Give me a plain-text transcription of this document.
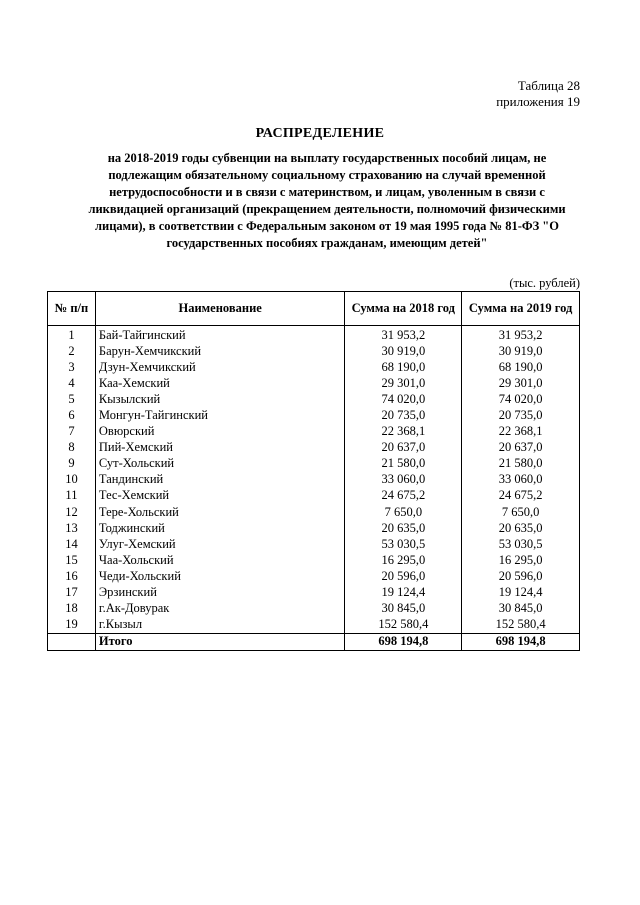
Таблица 28
приложения 19
РАСПРЕДЕЛЕНИЕ
на 2018-2019 годы субвенции на выплату государственных пособий лицам, не подлежащим обязательному социальному страхованию на случай временной нетрудоспособности и в связи с материнством, и лицам, уволенным в связи с ликвидацией организаций (прекращением деятельности, полномочий физическими лицами), в соответствии с Федеральным законом от 19 мая 1995 года № 81-ФЗ "О государственных пособиях гражданам, имеющим детей"
(тыс. рублей)
№ п/п	Наименование	Сумма на 2018 год	Сумма на 2019 год
1	Бай-Тайгинский	31 953,2	31 953,2
2	Барун-Хемчикский	30 919,0	30 919,0
3	Дзун-Хемчикский	68 190,0	68 190,0
4	Каа-Хемский	29 301,0	29 301,0
5	Кызылский	74 020,0	74 020,0
6	Монгун-Тайгинский	20 735,0	20 735,0
7	Овюрский	22 368,1	22 368,1
8	Пий-Хемский	20 637,0	20 637,0
9	Сут-Хольский	21 580,0	21 580,0
10	Тандинский	33 060,0	33 060,0
11	Тес-Хемский	24 675,2	24 675,2
12	Тере-Хольский	7 650,0	7 650,0
13	Тоджинский	20 635,0	20 635,0
14	Улуг-Хемский	53 030,5	53 030,5
15	Чаа-Хольский	16 295,0	16 295,0
16	Чеди-Хольский	20 596,0	20 596,0
17	Эрзинский	19 124,4	19 124,4
18	г.Ак-Довурак	30 845,0	30 845,0
19	г.Кызыл	152 580,4	152 580,4
	Итого	698 194,8	698 194,8
